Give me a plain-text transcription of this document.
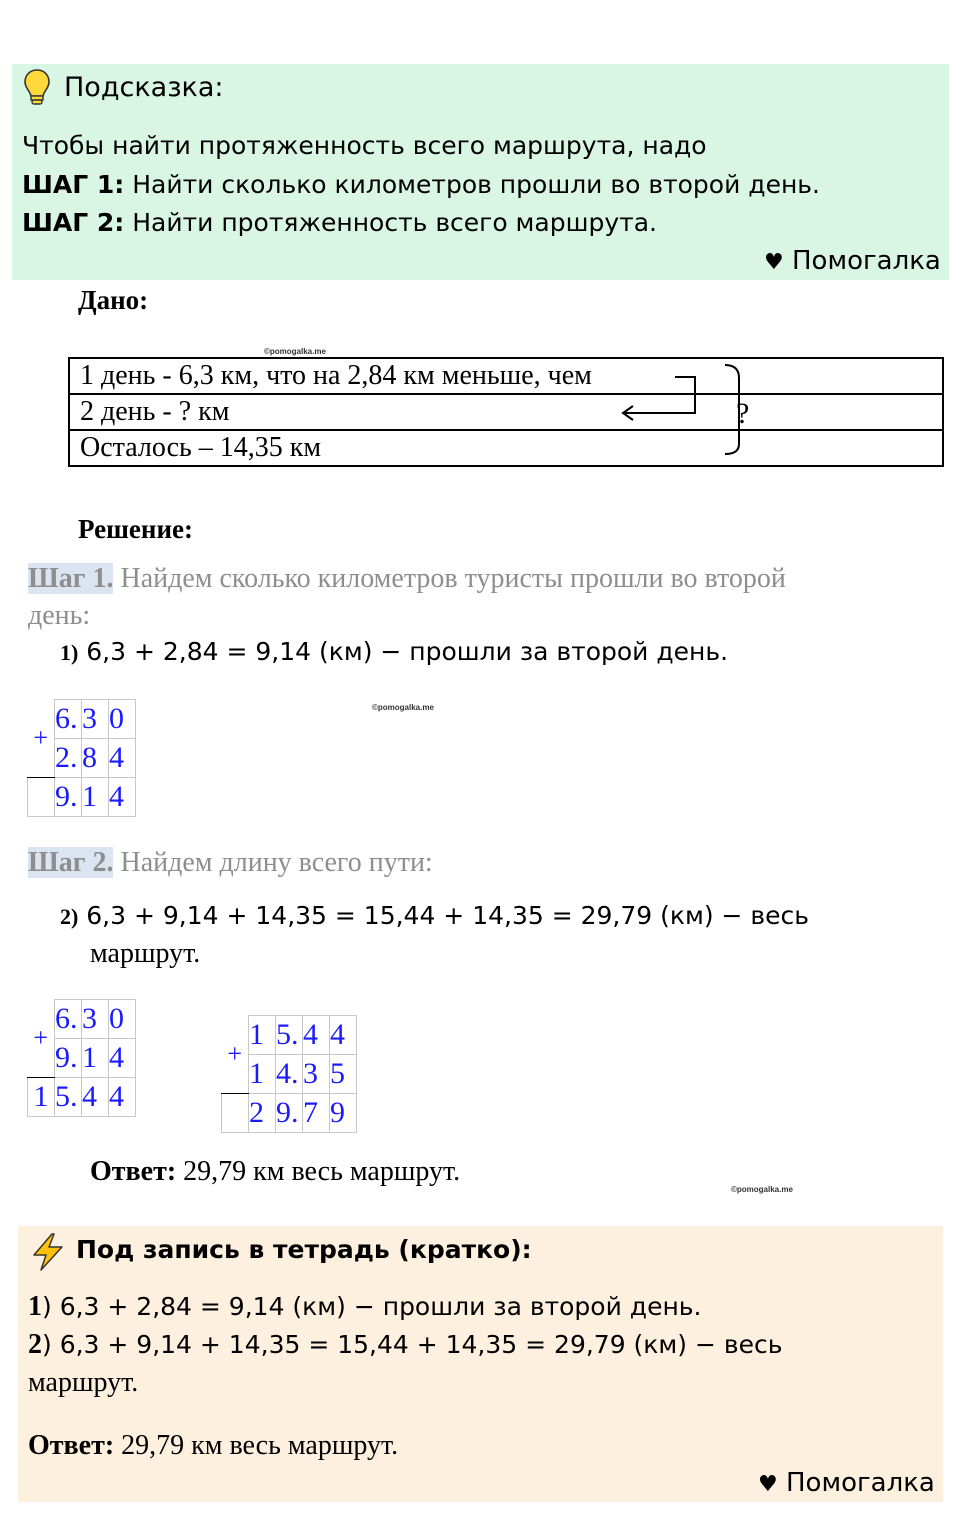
Подсказка:
Чтобы найти протяженность всего маршрута, надо
ШАГ 1: Найти сколько километров прошли во второй день.
ШАГ 2: Найти протяженность всего маршрута.
♥ Помогалка
Дано:
©pomogalka.me
1 день - 6,3 км, что на 2,84 км меньше, чем
2 день - ? км
Осталось – 14,35 км
?
Решение:
Шаг 1. Найдем сколько километров туристы прошли во второй
день:
1) 6,3 + 2,84 = 9,14 (км) − прошли за второй день.
+	6.	3	0
	2.	8	4
	9.	1	4
©pomogalka.me
Шаг 2. Найдем длину всего пути:
2) 6,3 + 9,14 + 14,35 = 15,44 + 14,35 = 29,79 (км) − весь
маршрут.
+	6.	3	0
	9.	1	4
1	5.	4	4
+	1	5.	4	4
	1	4.	3	5
	2	9.	7	9
Ответ: 29,79 км весь маршрут.
©pomogalka.me
Под запись в тетрадь (кратко):
1) 6,3 + 2,84 = 9,14 (км) − прошли за второй день.
2) 6,3 + 9,14 + 14,35 = 15,44 + 14,35 = 29,79 (км) − весь
маршрут.
Ответ: 29,79 км весь маршрут.
♥ Помогалка
